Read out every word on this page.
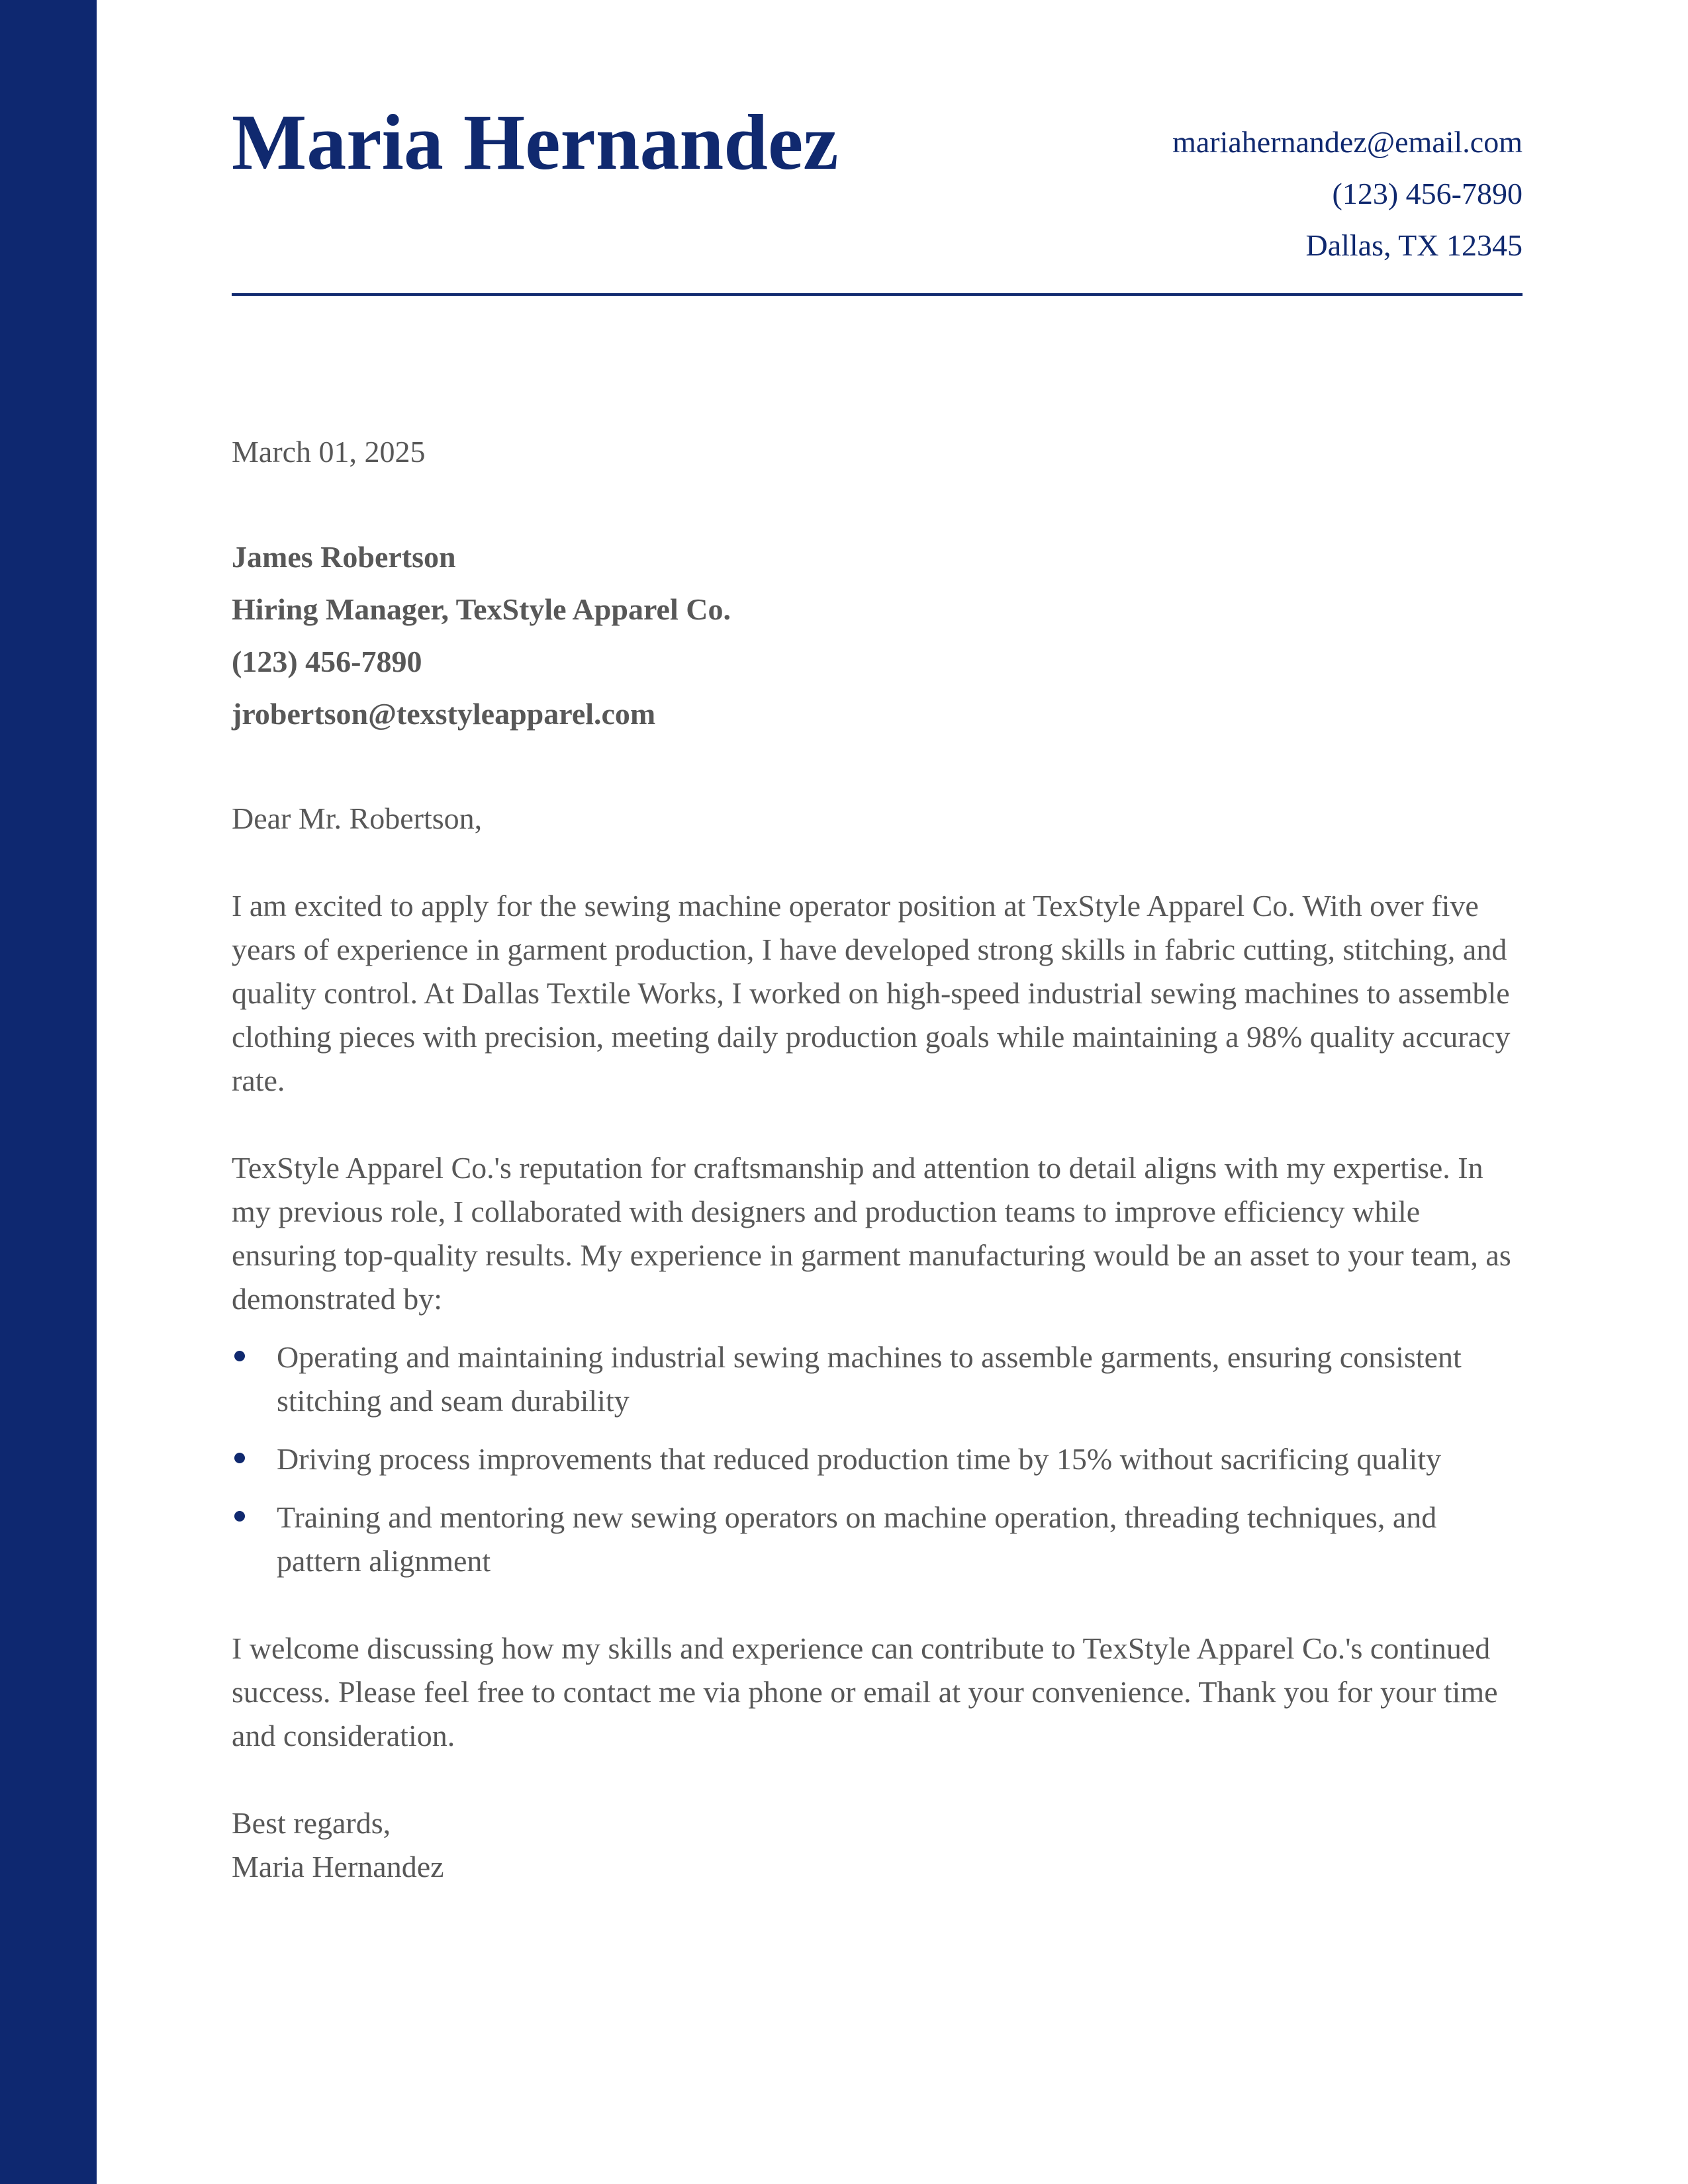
Maria Hernandez	mariahernandez@email.com
(123) 456-7890
Dallas, TX 12345

March 01, 2025

James Robertson
Hiring Manager, TexStyle Apparel Co.
(123) 456-7890
jrobertson@texstyleapparel.com

Dear Mr. Robertson,

I am excited to apply for the sewing machine operator position at TexStyle Apparel Co. With over five years of experience in garment production, I have developed strong skills in fabric cutting, stitching, and quality control. At Dallas Textile Works, I worked on high-speed industrial sewing machines to assemble clothing pieces with precision, meeting daily production goals while maintaining a 98% quality accuracy rate.

TexStyle Apparel Co.'s reputation for craftsmanship and attention to detail aligns with my expertise. In my previous role, I collaborated with designers and production teams to improve efficiency while ensuring top-quality results. My experience in garment manufacturing would be an asset to your team, as demonstrated by:

Operating and maintaining industrial sewing machines to assemble garments, ensuring consistent stitching and seam durability
Driving process improvements that reduced production time by 15% without sacrificing quality
Training and mentoring new sewing operators on machine operation, threading techniques, and pattern alignment

I welcome discussing how my skills and experience can contribute to TexStyle Apparel Co.'s continued success. Please feel free to contact me via phone or email at your convenience. Thank you for your time and consideration.

Best regards,
Maria Hernandez
